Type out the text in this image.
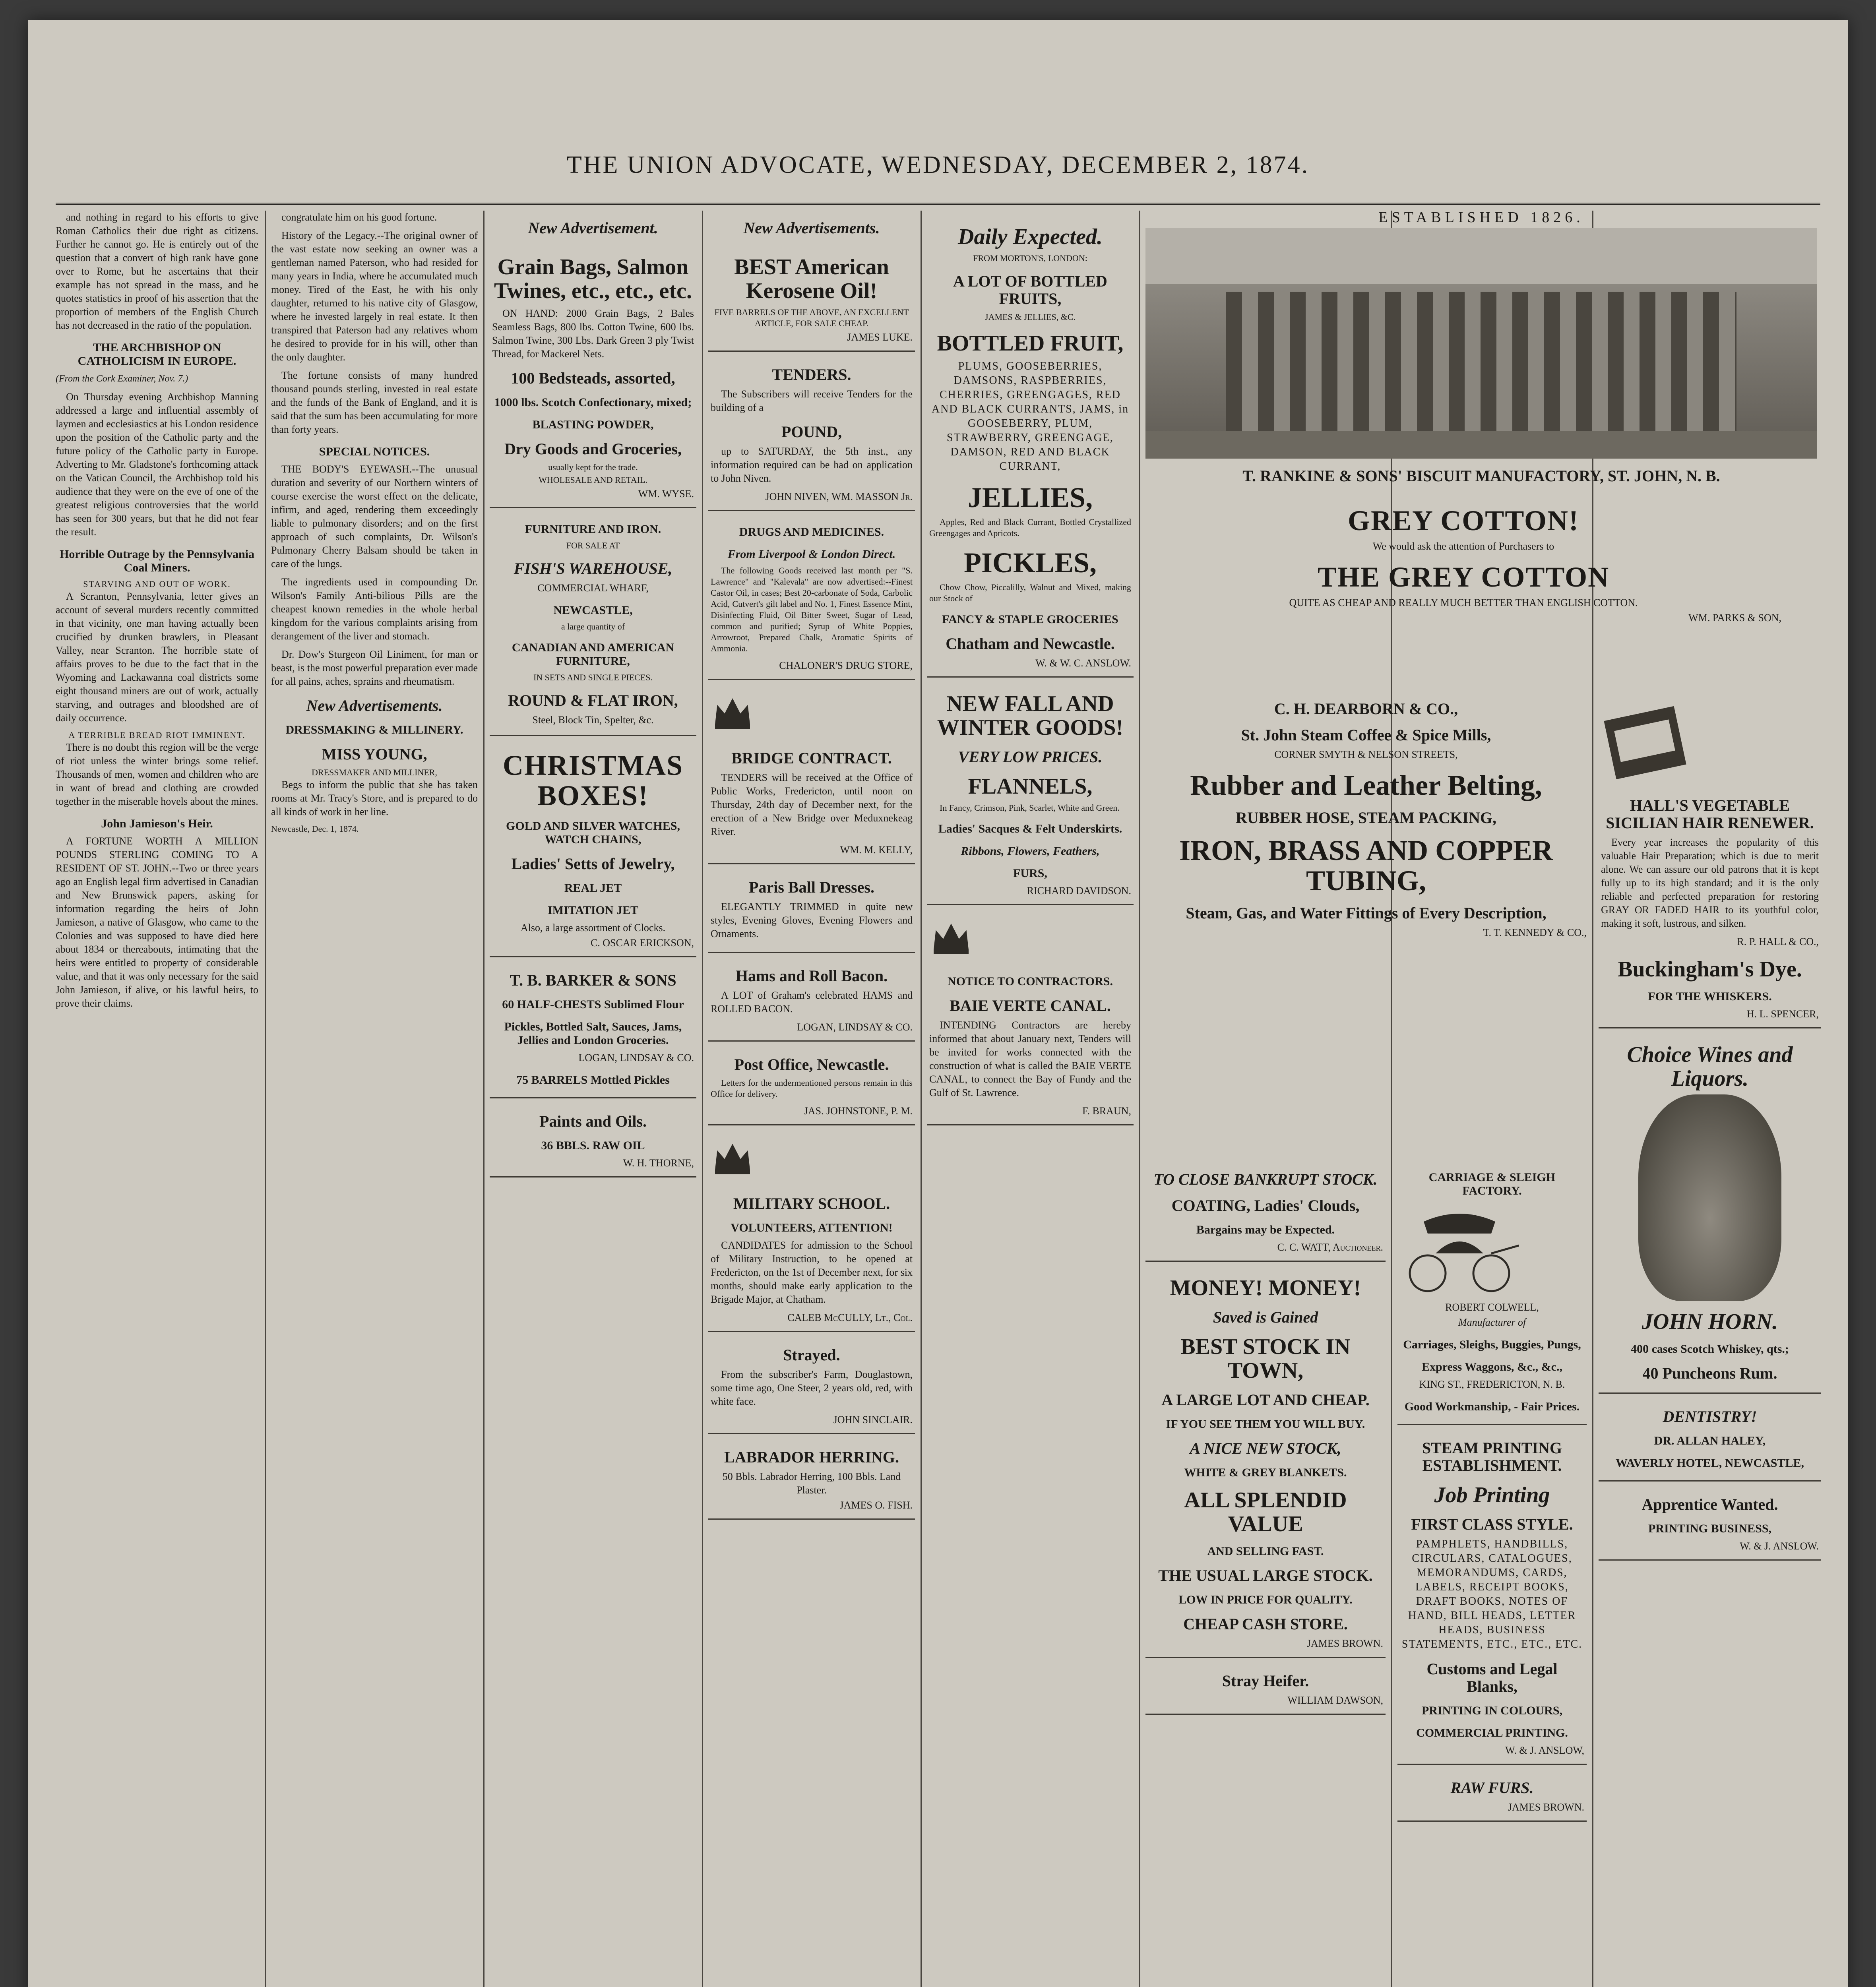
THE UNION ADVOCATE, WEDNESDAY, DECEMBER 2, 1874.

and nothing in regard to his efforts to give Roman Catholics their due right as citizens. Further he cannot go. He is entirely out of the question that a convert of high rank have gone over to Rome, but he ascertains that their example has not spread in the mass, and he quotes statistics in proof of his assertion that the proportion of members of the English Church has not decreased in the ratio of the population.

THE ARCHBISHOP ON CATHOLICISM IN EUROPE.

(From the Cork Examiner, Nov. 7.)

On Thursday evening Archbishop Manning addressed a large and influential assembly of laymen and ecclesiastics at his London residence upon the position of the Catholic party and the future policy of the Catholic party in Europe. Adverting to Mr. Gladstone's forthcoming attack on the Vatican Council, the Archbishop told his audience that they were on the eve of one of the greatest religious controversies that the world has seen for 300 years, but that he did not fear the result.

Horrible Outrage by the Pennsylvania Coal Miners.
STARVING AND OUT OF WORK.

A Scranton, Pennsylvania, letter gives an account of several murders recently committed in that vicinity, one man having actually been crucified by drunken brawlers, in Pleasant Valley, near Scranton. The horrible state of affairs proves to be due to the fact that in the Wyoming and Lackawanna coal districts some eight thousand miners are out of work, actually starving, and outrages and bloodshed are of daily occurrence.

A TERRIBLE BREAD RIOT IMMINENT.

There is no doubt this region will be the verge of riot unless the winter brings some relief. Thousands of men, women and children who are in want of bread and clothing are crowded together in the miserable hovels about the mines.

John Jamieson's Heir.

A FORTUNE WORTH A MILLION POUNDS STERLING COMING TO A RESIDENT OF ST. JOHN.--Two or three years ago an English legal firm advertised in Canadian and New Brunswick papers, asking for information regarding the heirs of John Jamieson, a native of Glasgow, who came to the Colonies and was supposed to have died here about 1834 or thereabouts, intimating that the heirs were entitled to property of considerable value, and that it was only necessary for the said John Jamieson, if alive, or his lawful heirs, to prove their claims.

congratulate him on his good fortune.

History of the Legacy.--The original owner of the vast estate now seeking an owner was a gentleman named Paterson, who had resided for many years in India, where he accumulated much money. Tired of the East, he with his only daughter, returned to his native city of Glasgow, where he invested largely in real estate. It then transpired that Paterson had any relatives whom he desired to provide for in his will, other than the only daughter.

The fortune consists of many hundred thousand pounds sterling, invested in real estate and the funds of the Bank of England, and it is said that the sum has been accumulating for more than forty years.

SPECIAL NOTICES.

THE BODY'S EYEWASH.--The unusual duration and severity of our Northern winters of course exercise the worst effect on the delicate, infirm, and aged, rendering them exceedingly liable to pulmonary disorders; and on the first approach of such complaints, Dr. Wilson's Pulmonary Cherry Balsam should be taken in care of the lungs.

The ingredients used in compounding Dr. Wilson's Family Anti-bilious Pills are the cheapest known remedies in the whole herbal kingdom for the various complaints arising from derangement of the liver and stomach.

Dr. Dow's Sturgeon Oil Liniment, for man or beast, is the most powerful preparation ever made for all pains, aches, sprains and rheumatism.

New Advertisements.
DRESSMAKING & MILLINERY.
MISS YOUNG,
DRESSMAKER AND MILLINER,

Begs to inform the public that she has taken rooms at Mr. Tracy's Store, and is prepared to do all kinds of work in her line.

Newcastle, Dec. 1, 1874.
New Advertisement.
Grain Bags, Salmon Twines, etc., etc., etc.

ON HAND: 2000 Grain Bags, 2 Bales Seamless Bags, 800 lbs. Cotton Twine, 600 lbs. Salmon Twine, 300 Lbs. Dark Green 3 ply Twist Thread, for Mackerel Nets.

100 Bedsteads, assorted,
1000 lbs. Scotch Confectionary, mixed;
BLASTING POWDER,
Dry Goods and Groceries,
usually kept for the trade.
WHOLESALE AND RETAIL.
WM. WYSE.
FURNITURE AND IRON.
FOR SALE AT
FISH'S WAREHOUSE,
COMMERCIAL WHARF,
NEWCASTLE,
a large quantity of
CANADIAN AND AMERICAN FURNITURE,
IN SETS AND SINGLE PIECES.
ROUND & FLAT IRON,
Steel, Block Tin, Spelter, &c.
CHRISTMAS BOXES!
GOLD AND SILVER WATCHES, WATCH CHAINS,
Ladies' Setts of Jewelry,
REAL JET
IMITATION JET
Also, a large assortment of Clocks.
C. OSCAR ERICKSON,
T. B. BARKER & SONS
60 HALF-CHESTS Sublimed Flour
Pickles, Bottled Salt, Sauces, Jams, Jellies and London Groceries.
LOGAN, LINDSAY & CO.
75 BARRELS Mottled Pickles
Paints and Oils.
36 BBLS. RAW OIL
W. H. THORNE,
New Advertisements.
BEST American Kerosene Oil!
FIVE BARRELS OF THE ABOVE, AN EXCELLENT ARTICLE, FOR SALE CHEAP.
JAMES LUKE.
TENDERS.

The Subscribers will receive Tenders for the building of a

POUND,

up to SATURDAY, the 5th inst., any information required can be had on application to John Niven.

JOHN NIVEN, WM. MASSON Jr.
DRUGS AND MEDICINES.
From Liverpool & London Direct.

The following Goods received last month per "S. Lawrence" and "Kalevala" are now advertised:--Finest Castor Oil, in cases; Best 20-carbonate of Soda, Carbolic Acid, Cutvert's gilt label and No. 1, Finest Essence Mint, Disinfecting Fluid, Oil Bitter Sweet, Sugar of Lead, common and purified; Syrup of White Poppies, Arrowroot, Prepared Chalk, Aromatic Spirits of Ammonia.

CHALONER'S DRUG STORE,
BRIDGE CONTRACT.

TENDERS will be received at the Office of Public Works, Fredericton, until noon on Thursday, 24th day of December next, for the erection of a New Bridge over Meduxnekeag River.

WM. M. KELLY,
Paris Ball Dresses.

ELEGANTLY TRIMMED in quite new styles, Evening Gloves, Evening Flowers and Ornaments.

Hams and Roll Bacon.

A LOT of Graham's celebrated HAMS and ROLLED BACON.

LOGAN, LINDSAY & CO.
Post Office, Newcastle.

Letters for the undermentioned persons remain in this Office for delivery.

JAS. JOHNSTONE, P. M.
MILITARY SCHOOL.
VOLUNTEERS, ATTENTION!

CANDIDATES for admission to the School of Military Instruction, to be opened at Fredericton, on the 1st of December next, for six months, should make early application to the Brigade Major, at Chatham.

CALEB McCULLY, Lt., Col.
Strayed.

From the subscriber's Farm, Douglastown, some time ago, One Steer, 2 years old, red, with white face.

JOHN SINCLAIR.
LABRADOR HERRING.
50 Bbls. Labrador Herring, 100 Bbls. Land Plaster.
JAMES O. FISH.
Daily Expected.
FROM MORTON'S, LONDON:
A LOT OF BOTTLED FRUITS,
JAMES & JELLIES, &C.
BOTTLED FRUIT,
PLUMS, GOOSEBERRIES, DAMSONS, RASPBERRIES, CHERRIES, GREENGAGES, RED AND BLACK CURRANTS, JAMS, in GOOSEBERRY, PLUM, STRAWBERRY, GREENGAGE, DAMSON, RED AND BLACK CURRANT,
JELLIES,

Apples, Red and Black Currant, Bottled Crystallized Greengages and Apricots.

PICKLES,

Chow Chow, Piccalilly, Walnut and Mixed, making our Stock of

FANCY & STAPLE GROCERIES
Chatham and Newcastle.
W. & W. C. ANSLOW.
NEW FALL AND WINTER GOODS!
VERY LOW PRICES.
FLANNELS,

In Fancy, Crimson, Pink, Scarlet, White and Green.

Ladies' Sacques & Felt Underskirts.
Ribbons, Flowers, Feathers,
FURS,
RICHARD DAVIDSON.
NOTICE TO CONTRACTORS.
BAIE VERTE CANAL.

INTENDING Contractors are hereby informed that about January next, Tenders will be invited for works connected with the construction of what is called the BAIE VERTE CANAL, to connect the Bay of Fundy and the Gulf of St. Lawrence.

F. BRAUN,
ESTABLISHED 1826.
T. RANKINE & SONS' BISCUIT MANUFACTORY, ST. JOHN, N. B.
GREY COTTON!
We would ask the attention of Purchasers to
THE GREY COTTON
QUITE AS CHEAP AND REALLY MUCH BETTER THAN ENGLISH COTTON.
WM. PARKS & SON,
C. H. DEARBORN & CO.,
St. John Steam Coffee & Spice Mills,
CORNER SMYTH & NELSON STREETS,
Rubber and Leather Belting,
RUBBER HOSE, STEAM PACKING,
IRON, BRASS AND COPPER TUBING,
Steam, Gas, and Water Fittings of Every Description,
T. T. KENNEDY & CO.,
TO CLOSE BANKRUPT STOCK.
COATING, Ladies' Clouds,
Bargains may be Expected.
C. C. WATT, Auctioneer.
MONEY! MONEY!
Saved is Gained
BEST STOCK IN TOWN,
A LARGE LOT AND CHEAP.
IF YOU SEE THEM YOU WILL BUY.
A NICE NEW STOCK,
WHITE & GREY BLANKETS.
ALL SPLENDID VALUE
AND SELLING FAST.
THE USUAL LARGE STOCK.
LOW IN PRICE FOR QUALITY.
CHEAP CASH STORE.
JAMES BROWN.
Stray Heifer.
WILLIAM DAWSON,
CARRIAGE & SLEIGH FACTORY.
ROBERT COLWELL,
Manufacturer of
Carriages, Sleighs, Buggies, Pungs,
Express Waggons, &c., &c.,
KING ST., FREDERICTON, N. B.
Good Workmanship, - Fair Prices.
STEAM PRINTING ESTABLISHMENT.
Job Printing
FIRST CLASS STYLE.
PAMPHLETS, HANDBILLS, CIRCULARS, CATALOGUES, MEMORANDUMS, CARDS, LABELS, RECEIPT BOOKS, DRAFT BOOKS, NOTES OF HAND, BILL HEADS, LETTER HEADS, BUSINESS STATEMENTS, ETC., ETC., ETC.
Customs and Legal Blanks,
PRINTING IN COLOURS,
COMMERCIAL PRINTING.
W. & J. ANSLOW,
RAW FURS.
JAMES BROWN.
HALL'S VEGETABLE SICILIAN HAIR RENEWER.

Every year increases the popularity of this valuable Hair Preparation; which is due to merit alone. We can assure our old patrons that it is kept fully up to its high standard; and it is the only reliable and perfected preparation for restoring GRAY OR FADED HAIR to its youthful color, making it soft, lustrous, and silken.

R. P. HALL & CO.,
Buckingham's Dye.
FOR THE WHISKERS.
H. L. SPENCER,
Choice Wines and Liquors.
JOHN HORN.
400 cases Scotch Whiskey, qts.;
40 Puncheons Rum.
DENTISTRY!
DR. ALLAN HALEY,
WAVERLY HOTEL, NEWCASTLE,
Apprentice Wanted.
PRINTING BUSINESS,
W. & J. ANSLOW.
